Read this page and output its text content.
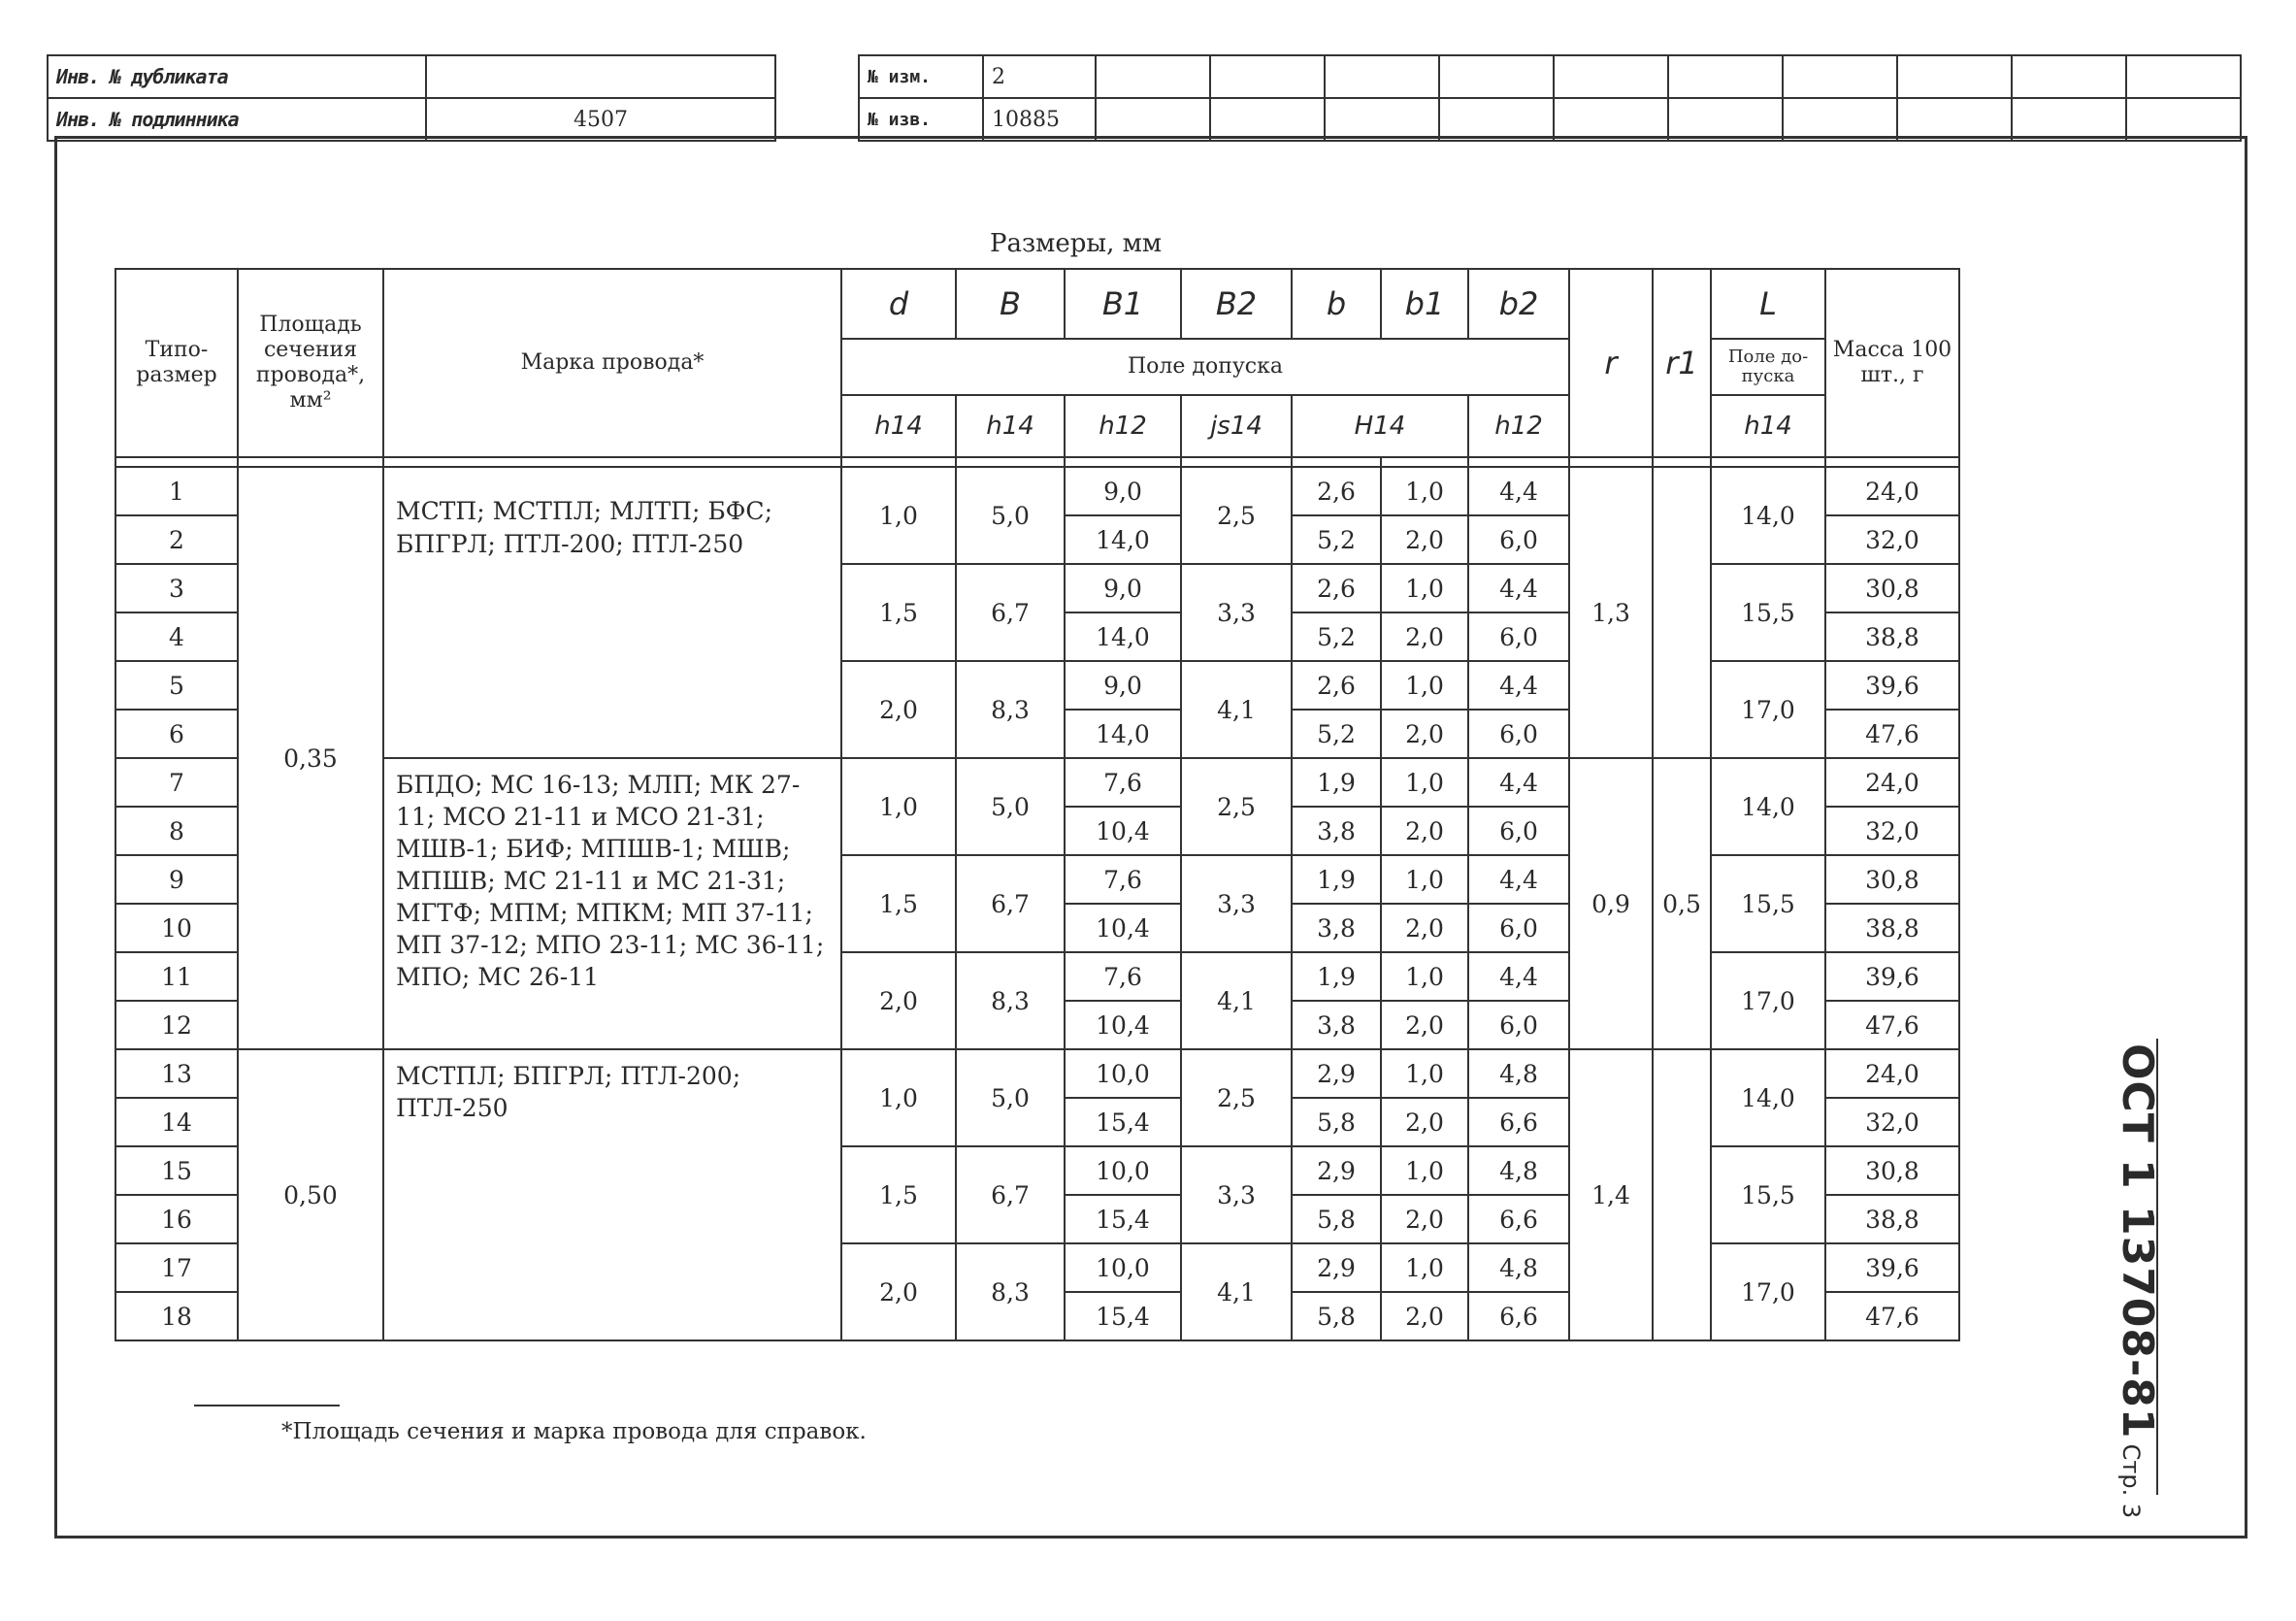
Инв. № дубликата	
Инв. № подлинника	4507
№ изм.	2										
№ изв.	10885										
Размеры, мм
Типо-размер	Площадь сечения провода*, мм²	Марка провода*	d	B	B1	B2	b	b1	b2	r	r1	L	Масса 100 шт., г
			Поле допуска									Поле до-пуска	
			h14	h14	h12	js14	H14		h12			h14	

1	0,35	МСТП; МСТПЛ; МЛТП; БФС; БПГРЛ; ПТЛ-200; ПТЛ-250	1,0	5,0	9,0	2,5	2,6	1,0	4,4	1,3		14,0	24,0
2					14,0		5,2	2,0	6,0				32,0
3			1,5	6,7	9,0	3,3	2,6	1,0	4,4			15,5	30,8
4					14,0		5,2	2,0	6,0				38,8
5			2,0	8,3	9,0	4,1	2,6	1,0	4,4			17,0	39,6
6					14,0		5,2	2,0	6,0				47,6
7		БПДО; МС 16-13; МЛП; МК 27-11; МСО 21-11 и МСО 21-31; МШВ-1; БИФ; МПШВ-1; МШВ; МПШВ; МС 21-11 и МС 21-31; МГТФ; МПМ; МПКМ; МП 37-11; МП 37-12; МПО 23-11; МС 36-11; МПО; МС 26-11	1,0	5,0	7,6	2,5	1,9	1,0	4,4	0,9	0,5	14,0	24,0
8					10,4		3,8	2,0	6,0				32,0
9			1,5	6,7	7,6	3,3	1,9	1,0	4,4			15,5	30,8
10					10,4		3,8	2,0	6,0				38,8
11			2,0	8,3	7,6	4,1	1,9	1,0	4,4			17,0	39,6
12					10,4		3,8	2,0	6,0				47,6
13	0,50	МСТПЛ; БПГРЛ; ПТЛ-200; ПТЛ-250	1,0	5,0	10,0	2,5	2,9	1,0	4,8	1,4		14,0	24,0
14					15,4		5,8	2,0	6,6				32,0
15			1,5	6,7	10,0	3,3	2,9	1,0	4,8			15,5	30,8
16					15,4		5,8	2,0	6,6				38,8
17			2,0	8,3	10,0	4,1	2,9	1,0	4,8			17,0	39,6
18					15,4		5,8	2,0	6,6				47,6
*Площадь сечения и марка провода для справок.	ОСТ 1 13708-81 Стр. 3
